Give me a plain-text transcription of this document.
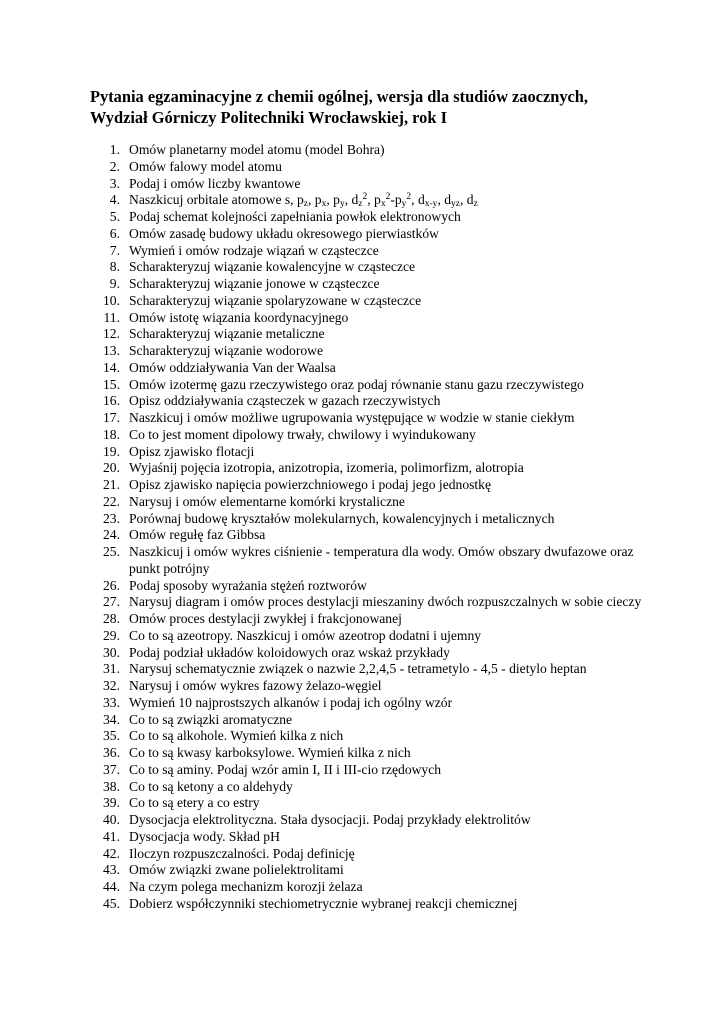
Pytania egzaminacyjne z chemii ogólnej, wersja dla studiów zaocznych,
Wydział Górniczy Politechniki Wrocławskiej, rok I
1. Omów planetarny model atomu (model Bohra)
2. Omów falowy model atomu
3. Podaj i omów liczby kwantowe
4. Naszkicuj orbitale atomowe s, $p_z$, $p_x$, $p_y$, $d_z^2$, $p_x^2-p_y^2$, $d_{x-y}$, $d_{yz}$, $d_z$
5. Podaj schemat kolejności zapełniania powłok elektronowych
6. Omów zasadę budowy układu okresowego pierwiastków
7. Wymień i omów rodzaje wiązań w cząsteczce
8. Scharakteryzuj wiązanie kowalencyjne w cząsteczce
9. Scharakteryzuj wiązanie jonowe w cząsteczce
10. Scharakteryzuj wiązanie spolaryzowane w cząsteczce
11. Omów istotę wiązania koordynacyjnego
12. Scharakteryzuj wiązanie metaliczne
13. Scharakteryzuj wiązanie wodorowe
14. Omów oddziaływania Van der Waalsa
15. Omów izotermę gazu rzeczywistego oraz podaj równanie stanu gazu rzeczywistego
16. Opisz oddziaływania cząsteczek w gazach rzeczywistych
17. Naszkicuj i omów możliwe ugrupowania występujące w wodzie w stanie ciekłym
18. Co to jest moment dipolowy trwały, chwilowy i wyindukowany
19. Opisz zjawisko flotacji
20. Wyjaśnij pojęcia izotropia, anizotropia, izomeria, polimorfizm, alotropia
21. Opisz zjawisko napięcia powierzchniowego i podaj jego jednostkę
22. Narysuj i omów elementarne komórki krystaliczne
23. Porównaj budowę kryształów molekularnych, kowalencyjnych i metalicznych
24. Omów regułę faz Gibbsa
25. Naszkicuj i omów wykres ciśnienie - temperatura dla wody. Omów obszary dwufazowe oraz punkt potrójny
26. Podaj sposoby wyrażania stężeń roztworów
27. Narysuj diagram i omów proces destylacji mieszaniny dwóch rozpuszczalnych w sobie cieczy
28. Omów proces destylacji zwykłej i frakcjonowanej
29. Co to są azeotropy. Naszkicuj i omów azeotrop dodatni i ujemny
30. Podaj podział układów koloidowych oraz wskaż przykłady
31. Narysuj schematycznie związek o nazwie 2,2,4,5 - tetrametylo - 4,5 - dietylo heptan
32. Narysuj i omów wykres fazowy żelazo-węgiel
33. Wymień 10 najprostszych alkanów i podaj ich ogólny wzór
34. Co to są związki aromatyczne
35. Co to są alkohole. Wymień kilka z nich
36. Co to są kwasy karboksylowe. Wymień kilka z nich
37. Co to są aminy. Podaj wzór amin I, II i III-cio rzędowych
38. Co to są ketony a co aldehydy
39. Co to są etery a co estry
40. Dysocjacja elektrolityczna. Stała dysocjacji. Podaj przykłady elektrolitów
41. Dysocjacja wody. Skład pH
42. Iloczyn rozpuszczalności. Podaj definicję
43. Omów związki zwane polielektrolitami
44. Na czym polega mechanizm korozji żelaza
45. Dobierz współczynniki stechiometrycznie wybranej reakcji chemicznej
